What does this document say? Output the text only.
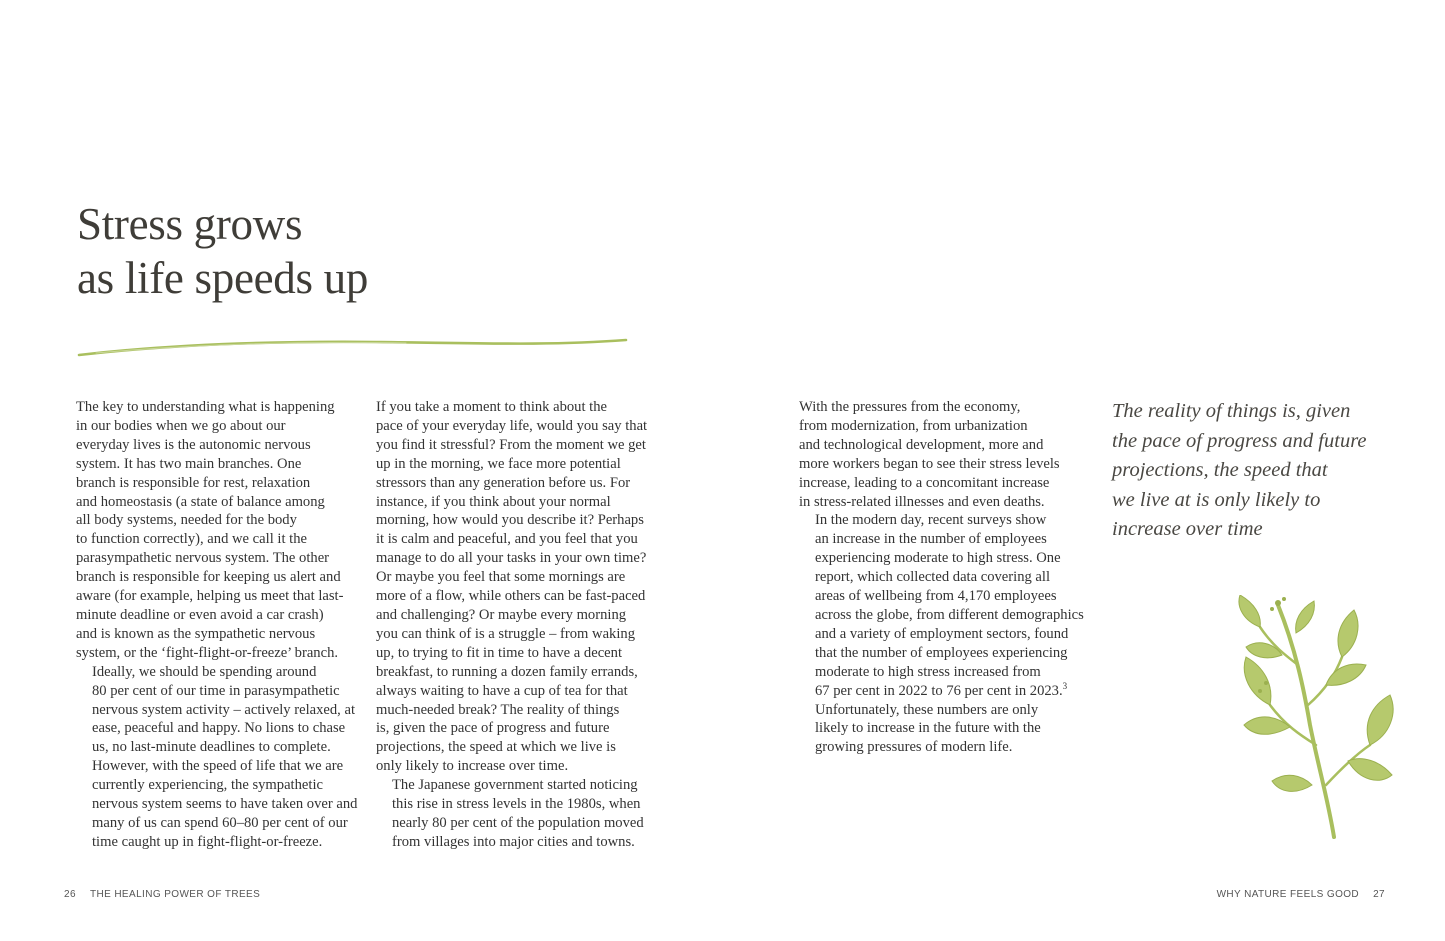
Stress grows
as life speeds up

The key to understanding what is happening
in our bodies when we go about our
everyday lives is the autonomic nervous
system. It has two main branches. One
branch is responsible for rest, relaxation
and homeostasis (a state of balance among
all body systems, needed for the body
to function correctly), and we call it the
parasympathetic nervous system. The other
branch is responsible for keeping us alert and
aware (for example, helping us meet that last-
minute deadline or even avoid a car crash)
and is known as the sympathetic nervous
system, or the ‘fight-flight-or-freeze’ branch.

Ideally, we should be spending around
80 per cent of our time in parasympathetic
nervous system activity – actively relaxed, at
ease, peaceful and happy. No lions to chase
us, no last-minute deadlines to complete.
However, with the speed of life that we are
currently experiencing, the sympathetic
nervous system seems to have taken over and
many of us can spend 60–80 per cent of our
time caught up in fight-flight-or-freeze.

If you take a moment to think about the
pace of your everyday life, would you say that
you find it stressful? From the moment we get
up in the morning, we face more potential
stressors than any generation before us. For
instance, if you think about your normal
morning, how would you describe it? Perhaps
it is calm and peaceful, and you feel that you
manage to do all your tasks in your own time?
Or maybe you feel that some mornings are
more of a flow, while others can be fast-paced
and challenging? Or maybe every morning
you can think of is a struggle – from waking
up, to trying to fit in time to have a decent
breakfast, to running a dozen family errands,
always waiting to have a cup of tea for that
much-needed break? The reality of things
is, given the pace of progress and future
projections, the speed at which we live is
only likely to increase over time.

The Japanese government started noticing
this rise in stress levels in the 1980s, when
nearly 80 per cent of the population moved
from villages into major cities and towns.

With the pressures from the economy,
from modernization, from urbanization
and technological development, more and
more workers began to see their stress levels
increase, leading to a concomitant increase
in stress-related illnesses and even deaths.

In the modern day, recent surveys show
an increase in the number of employees
experiencing moderate to high stress. One
report, which collected data covering all
areas of wellbeing from 4,170 employees
across the globe, from different demographics
and a variety of employment sectors, found
that the number of employees experiencing
moderate to high stress increased from
67 per cent in 2022 to 76 per cent in 2023.$^3$

Unfortunately, these numbers are only
likely to increase in the future with the
growing pressures of modern life.

The reality of things is, given
the pace of progress and future
projections, the speed that
we live at is only likely to
increase over time
26 THE HEALING POWER OF TREES	WHY NATURE FEELS GOOD 27
